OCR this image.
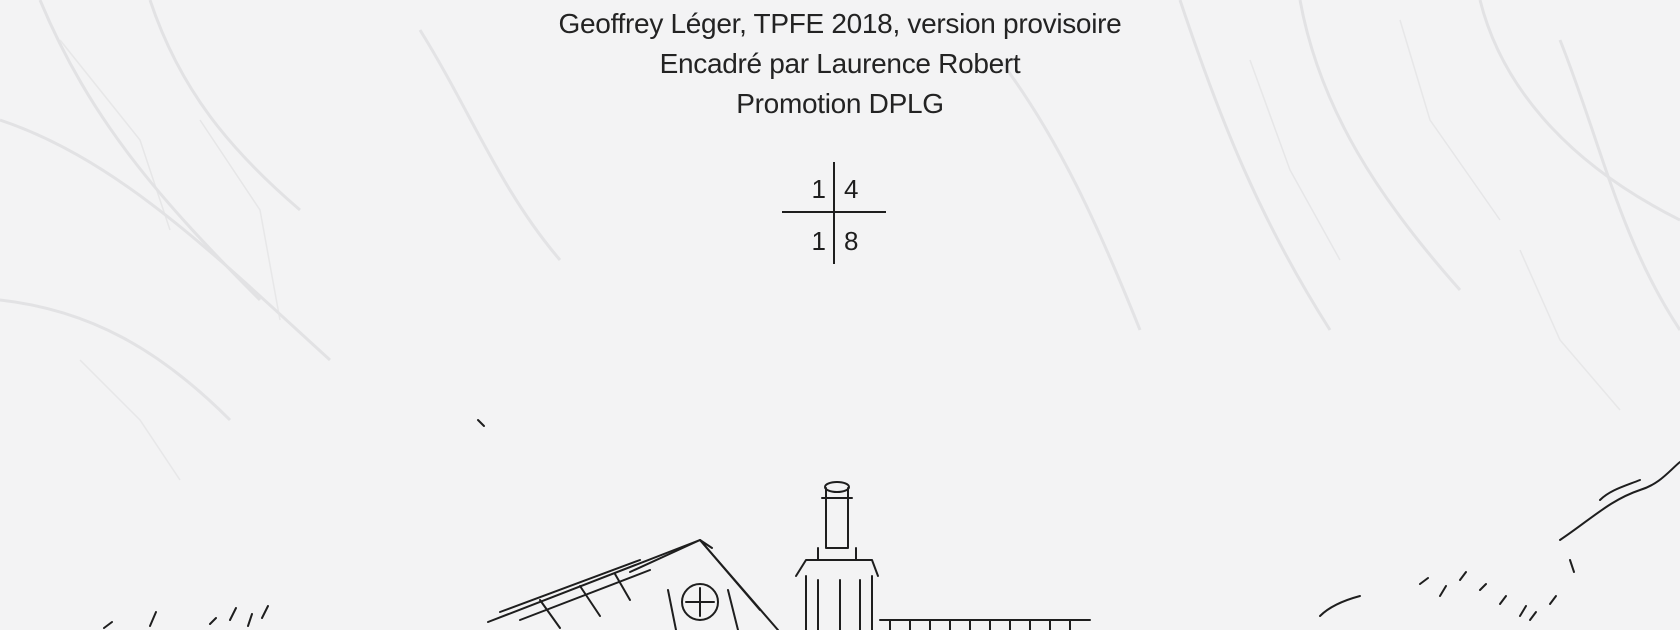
Geoffrey Léger, TPFE 2018, version provisoire
Encadré par Laurence Robert
Promotion DPLG
1 4
1 8
